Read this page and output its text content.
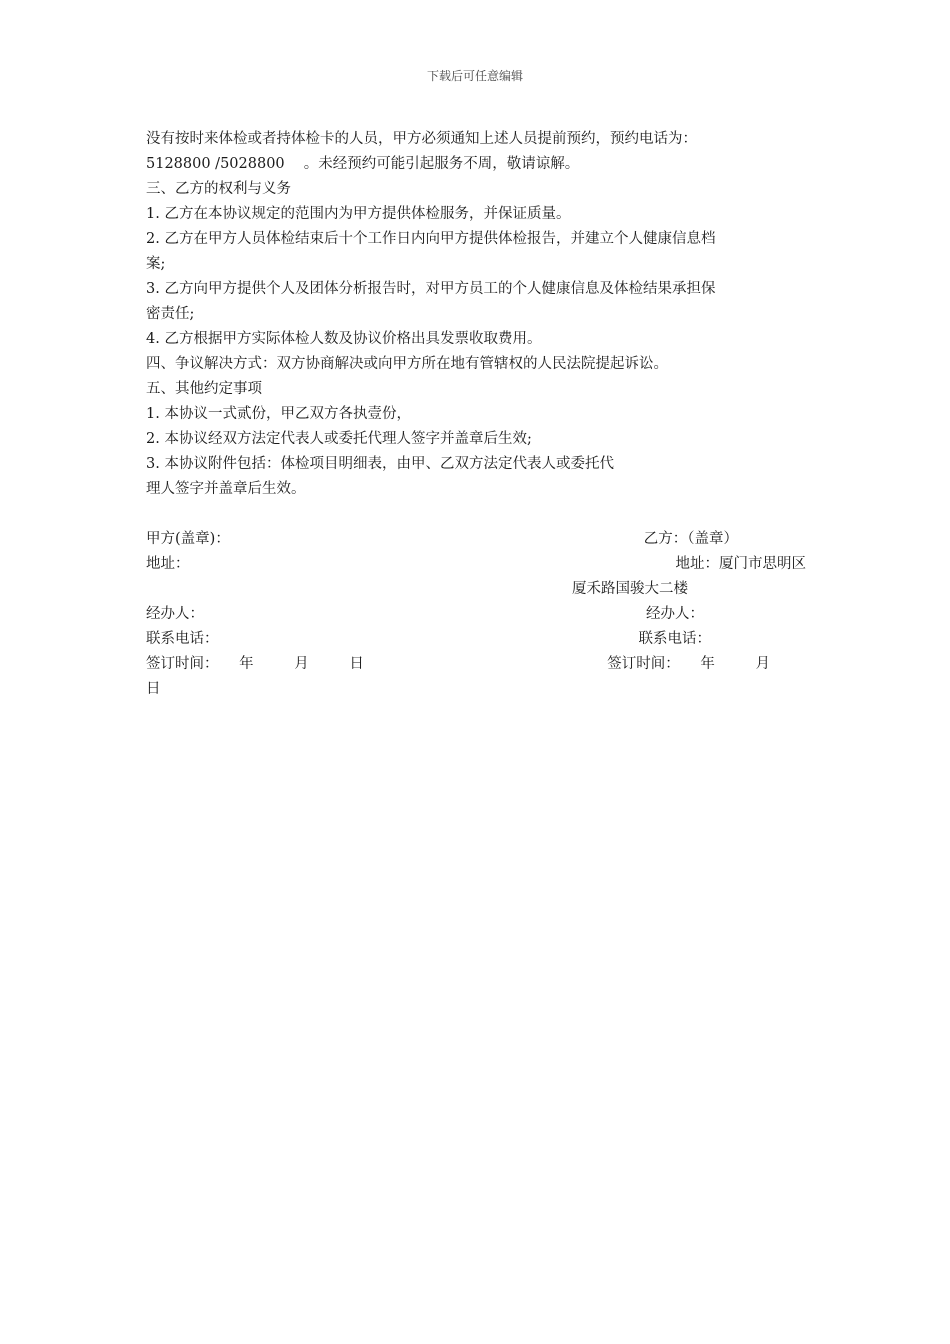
下载后可任意编辑
没有按时来体检或者持体检卡的人员，甲方必须通知上述人员提前预约，预约电话为：
5128800 /5028800　 。未经预约可能引起服务不周，敬请谅解。
三、乙方的权利与义务
1. 乙方在本协议规定的范围内为甲方提供体检服务，并保证质量。
2. 乙方在甲方人员体检结束后十个工作日内向甲方提供体检报告，并建立个人健康信息档
案;
3. 乙方向甲方提供个人及团体分析报告时，对甲方员工的个人健康信息及体检结果承担保
密责任;
4. 乙方根据甲方实际体检人数及协议价格出具发票收取费用。
四、争议解决方式：双方协商解决或向甲方所在地有管辖权的人民法院提起诉讼。
五、其他约定事项
1. 本协议一式贰份，甲乙双方各执壹份，
2. 本协议经双方法定代表人或委托代理人签字并盖章后生效;
3. 本协议附件包括：体检项目明细表，由甲、乙双方法定代表人或委托代
理人签字并盖章后生效。
甲方(盖章)：	乙方：（盖章）
地址：	地址：厦门市思明区
厦禾路国骏大二楼
经办人：	经办人：
联系电话：	联系电话：
签订时间： 年	月	日	签订时间： 年	月
日
